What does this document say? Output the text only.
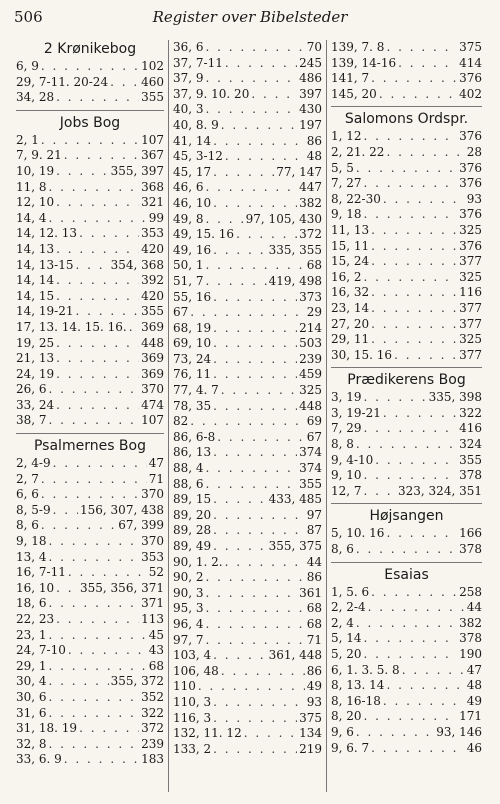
506	Register over Bibelsteder
2 Krønikebog
6, 9 . . .	102
29, 7-11. 20-24 . . .	460
34, 28 . . .	355
Jobs Bog
2, 1 . . .	107
7, 9. 21 . . .	367
10, 19 . . .	355, 397
11, 8 . . .	368
12, 10 . . .	321
14, 4 . . .	99
14, 12. 13 . . .	353
14, 13 . . .	420
14, 13-15 . . .	354, 368
14, 14 . . .	392
14, 15 . . .	420
14, 19-21 . . .	355
17, 13. 14. 15. 16. . . . 369
19, 25 . . .	448
21, 13 . . .	369
24, 19 . . .	369
26, 6 . . .	370
33, 24 . . .	474
38, 7 . . .	107
Psalmernes Bog
2, 4-9 . . .	47
2, 7 . . .	71
6, 6 . . .	370
8, 5-9 . . . 156, 307, 438
8, 6 . . .	67, 399
9, 18 . . .	370
13, 4 . . .	353
16, 7-11 . . .	52
16, 10 . . . 355, 356, 371
18, 6 . . .	371
22, 23 . . .	113
23, 1 . . .	45
24, 7-10 . . .	43
29, 1 . . .	68
30, 4 . . .	355, 372
30, 6 . . .	352
31, 6 . . .	322
31, 18. 19 . . .	372
32, 8 . . .	239
33, 6. 9 . . .	183
36, 6 . . .	70
37, 7-11 . . .	245
37, 9 . . .	486
37, 9. 10. 20 . . .	397
40, 3 . . .	430
40, 8. 9 . . .	197
41, 14 . . .	86
45, 3-12 . . .	48
45, 17 . . .	77, 147
46, 6 . . .	447
46, 10 . . .	382
49, 8 . . .	97, 105, 430
49, 15. 16 . . .	372
49, 16 . . .	335, 355
50, 1 . . .	68
51, 7 . . .	419, 498
55, 16 . . .	373
67 . . .	29
68, 19 . . .	214
69, 10 . . .	503
73, 24 . . .	239
76, 11 . . .	459
77, 4. 7 . . .	325
78, 35 . . .	448
82 . . .	69
86, 6-8 . . .	67
86, 13 . . .	374
88, 4 . . .	374
88, 6 . . .	355
89, 15 . . .	433, 485
89, 20 . . .	97
89, 28 . . .	87
89, 49 . . .	355, 375
90, 1. 2. . . .	44
90, 2 . . .	86
90, 3 . . .	361
95, 3 . . .	68
96, 4 . . .	68
97, 7 . . .	71
103, 4 . . .	361, 448
106, 48 . . .	86
110 . . .	49
110, 3 . . .	93
116, 3 . . .	375
132, 11. 12 . . .	134
133, 2 . . .	219
139, 7. 8 . . .	375
139, 14-16 . . .	414
141, 7 . . .	376
145, 20 . . .	402
Salomons Ordspr.
1, 12 . . .	376
2, 21. 22 . . .	28
5, 5 . . .	376
7, 27 . . .	376
8, 22-30 . . .	93
9, 18 . . .	376
11, 13 . . .	325
15, 11 . . .	376
15, 24 . . .	377
16, 2 . . .	325
16, 32 . . .	116
23, 14 . . .	377
27, 20 . . .	377
29, 11 . . .	325
30, 15. 16 . . .	377
Prædikerens Bog
3, 19 . . .	335, 398
3, 19-21 . . .	322
7, 29 . . .	416
8, 8 . . .	324
9, 4-10 . . .	355
9, 10 . . .	378
12, 7 . . .	323, 324, 351
Højsangen
5, 10. 16 . . .	166
8, 6 . . .	378
Esaias
1, 5. 6 . . .	258
2, 2-4 . . .	44
2, 4 . . .	382
5, 14 . . .	378
5, 20 . . .	190
6, 1. 3. 5. 8 . . .	47
8, 13. 14 . . .	48
8, 16-18 . . .	49
8, 20 . . .	171
9, 6 . . .	93, 146
9, 6. 7 . . .	46
